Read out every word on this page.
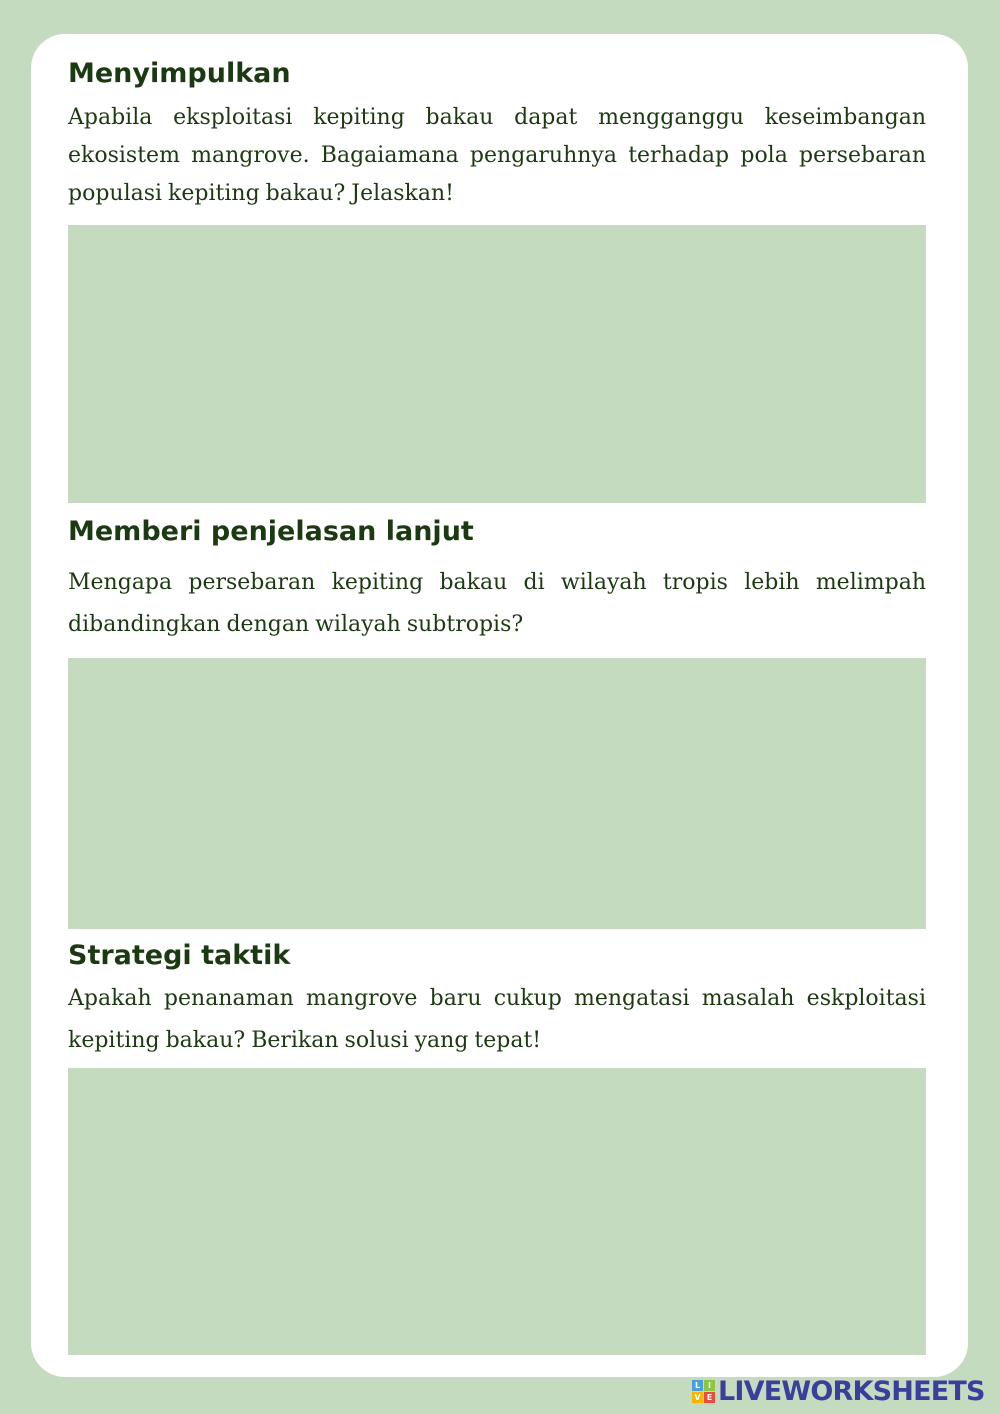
Menyimpulkan

Apabila eksploitasi kepiting bakau dapat mengganggu keseimbangan ekosistem mangrove. Bagaiamana pengaruhnya terhadap pola persebaran populasi kepiting bakau? Jelaskan!

Memberi penjelasan lanjut

Mengapa persebaran kepiting bakau di wilayah tropis lebih melimpah dibandingkan dengan wilayah subtropis?

Strategi taktik

Apakah penanaman mangrove baru cukup mengatasi masalah eskploitasi kepiting bakau? Berikan solusi yang tepat!

L I
V E LIVEWORKSHEETS
